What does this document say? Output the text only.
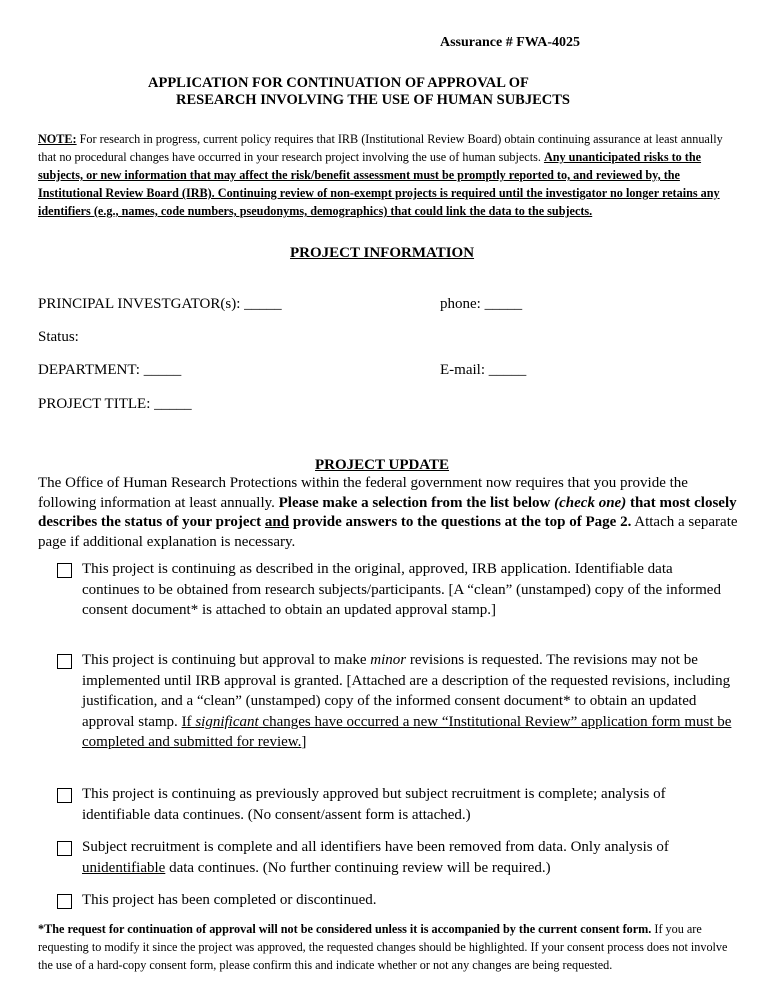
Assurance # FWA-4025
APPLICATION FOR CONTINUATION OF APPROVAL OF
RESEARCH INVOLVING THE USE OF HUMAN SUBJECTS

NOTE: For research in progress, current policy requires that IRB (Institutional Review Board) obtain continuing assurance at least annually that no procedural changes have occurred in your research project involving the use of human subjects. Any unanticipated risks to the subjects, or new information that may affect the risk/benefit assessment must be promptly reported to, and reviewed by, the Institutional Review Board (IRB). Continuing review of non-exempt projects is required until the investigator no longer retains any identifiers (e.g., names, code numbers, pseudonyms, demographics) that could link the data to the subjects.

PROJECT INFORMATION
PRINCIPAL INVESTGATOR(s): _____	phone: _____
Status:
DEPARTMENT: _____	E-mail: _____
PROJECT TITLE: _____
PROJECT UPDATE

The Office of Human Research Protections within the federal government now requires that you provide the following information at least annually. Please make a selection from the list below (check one) that most closely describes the status of your project and provide answers to the questions at the top of Page 2. Attach a separate page if additional explanation is necessary.

This project is continuing as described in the original, approved, IRB application. Identifiable data continues to be obtained from research subjects/participants. [A “clean” (unstamped) copy of the informed consent document* is attached to obtain an updated approval stamp.]

This project is continuing but approval to make minor revisions is requested. The revisions may not be implemented until IRB approval is granted. [Attached are a description of the requested revisions, including justification, and a “clean” (unstamped) copy of the informed consent document* to obtain an updated approval stamp. If significant changes have occurred a new “Institutional Review” application form must be completed and submitted for review.]

This project is continuing as previously approved but subject recruitment is complete; analysis of identifiable data continues. (No consent/assent form is attached.)

Subject recruitment is complete and all identifiers have been removed from data. Only analysis of unidentifiable data continues. (No further continuing review will be required.)

This project has been completed or discontinued.

*The request for continuation of approval will not be considered unless it is accompanied by the current consent form. If you are requesting to modify it since the project was approved, the requested changes should be highlighted. If your consent process does not involve the use of a hard-copy consent form, please confirm this and indicate whether or not any changes are being requested.
